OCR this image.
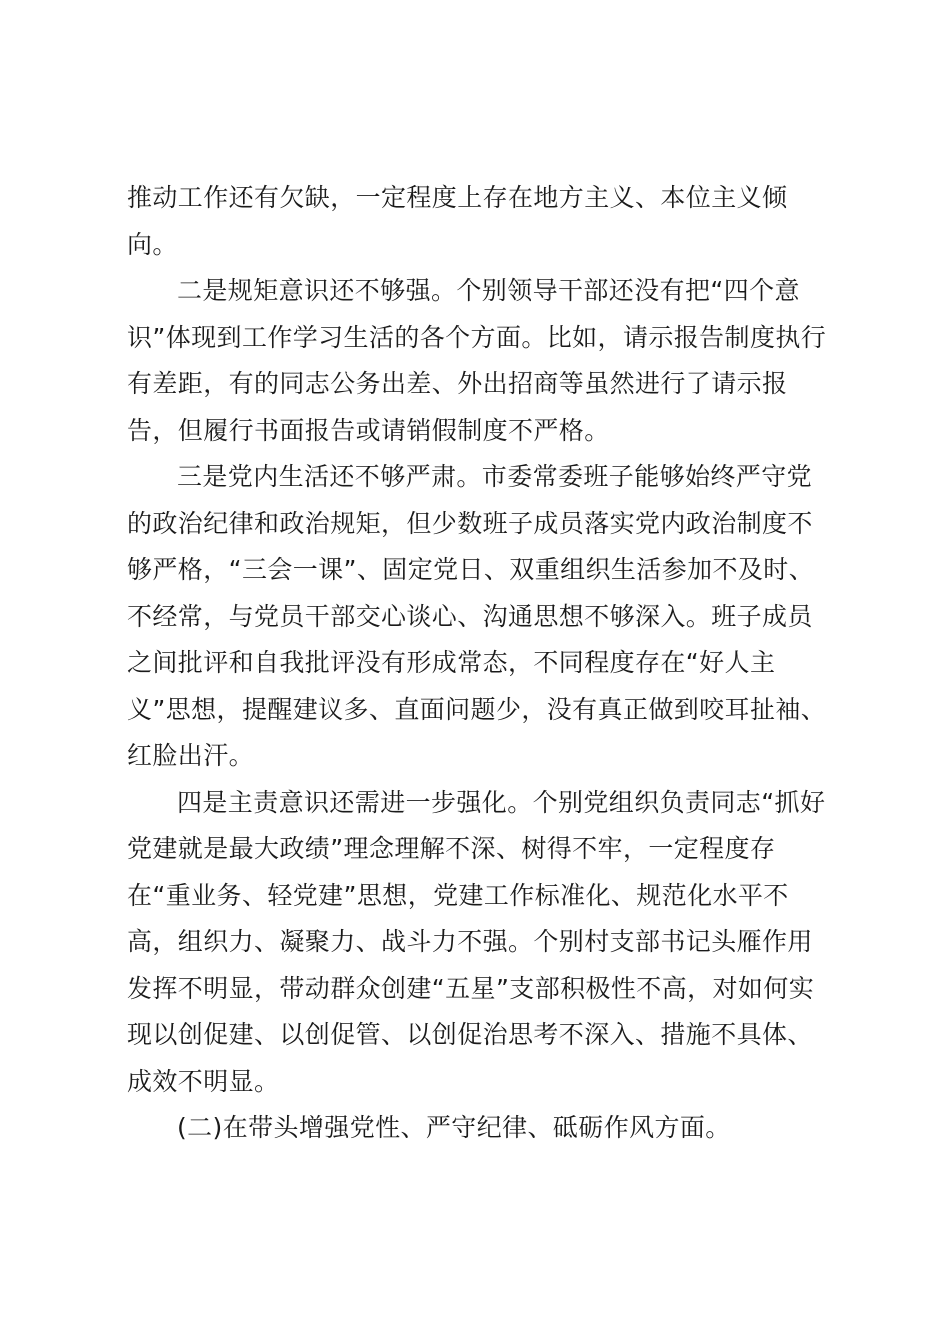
推动工作还有欠缺，一定程度上存在地方主义、本位主义倾
向。
二是规矩意识还不够强。个别领导干部还没有把“四个意
识”体现到工作学习生活的各个方面。比如，请示报告制度执行
有差距，有的同志公务出差、外出招商等虽然进行了请示报
告，但履行书面报告或请销假制度不严格。
三是党内生活还不够严肃。市委常委班子能够始终严守党
的政治纪律和政治规矩，但少数班子成员落实党内政治制度不
够严格，“三会一课”、固定党日、双重组织生活参加不及时、
不经常，与党员干部交心谈心、沟通思想不够深入。班子成员
之间批评和自我批评没有形成常态，不同程度存在“好人主
义”思想，提醒建议多、直面问题少，没有真正做到咬耳扯袖、
红脸出汗。
四是主责意识还需进一步强化。个别党组织负责同志“抓好
党建就是最大政绩”理念理解不深、树得不牢，一定程度存
在“重业务、轻党建”思想，党建工作标准化、规范化水平不
高，组织力、凝聚力、战斗力不强。个别村支部书记头雁作用
发挥不明显，带动群众创建“五星”支部积极性不高，对如何实
现以创促建、以创促管、以创促治思考不深入、措施不具体、
成效不明显。
(二)在带头增强党性、严守纪律、砥砺作风方面。
